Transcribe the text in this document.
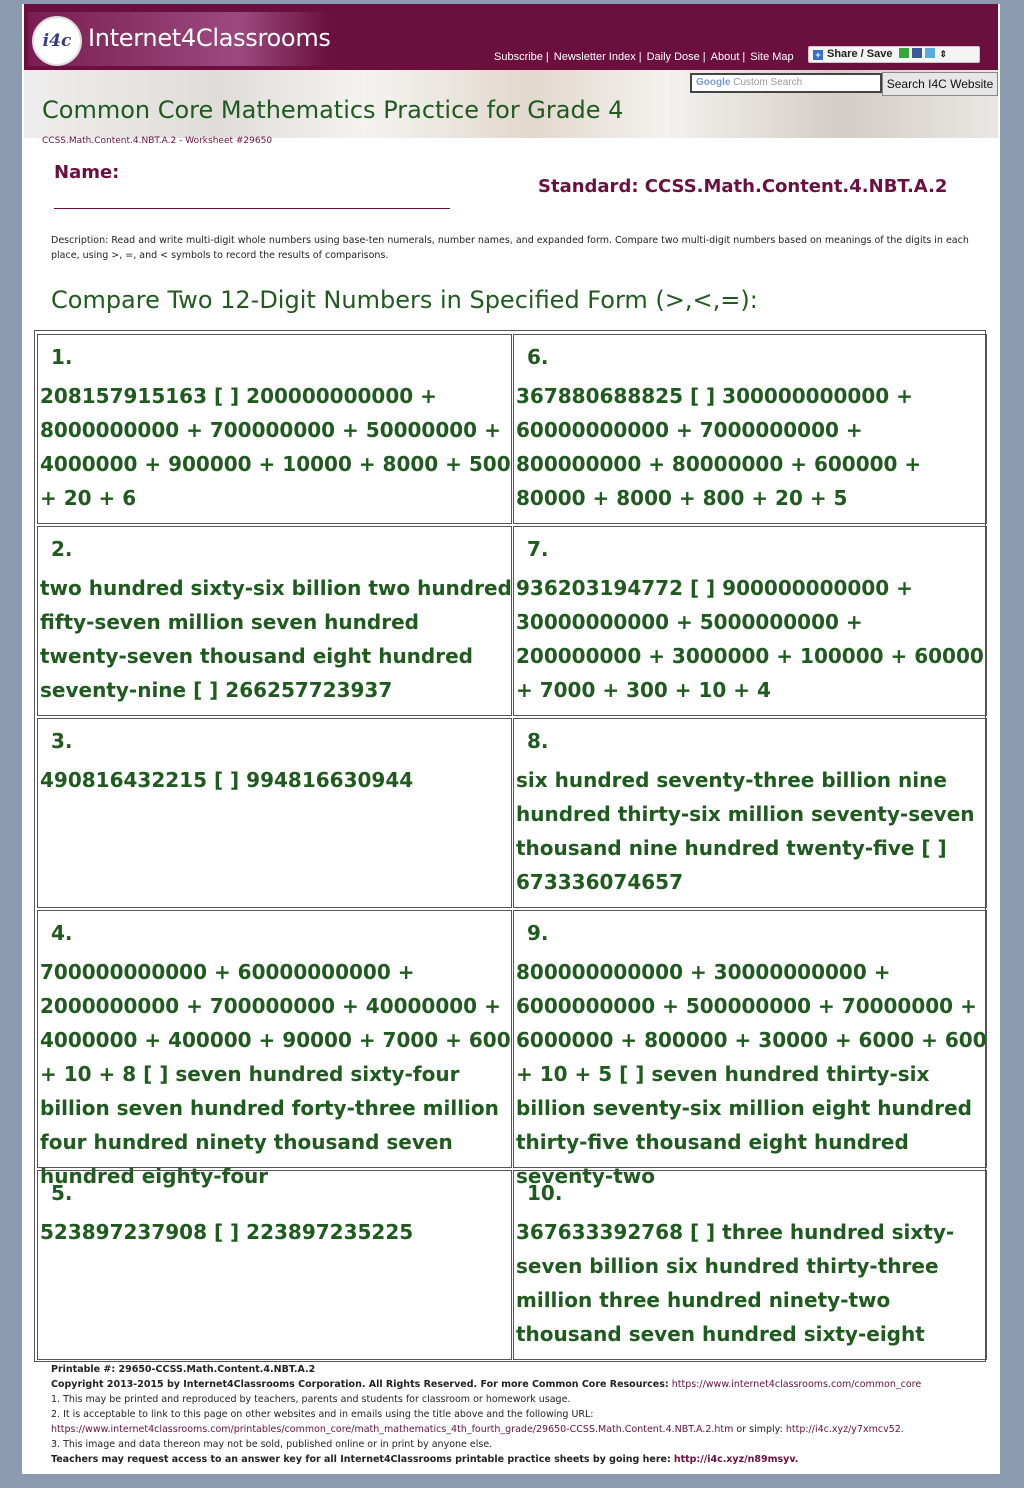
i4c Internet4Classrooms
Subscribe | Newsletter Index | Daily Dose | About | Site Map	+ Share / Save	⇕
Google Custom Search	Search I4C Website
Common Core Mathematics Practice for Grade 4
CCSS.Math.Content.4.NBT.A.2 - Worksheet #29650
Name:
Standard: CCSS.Math.Content.4.NBT.A.2
Description: Read and write multi-digit whole numbers using base-ten numerals, number names, and expanded form. Compare two multi-digit numbers based on meanings of the digits in each place, using >, =, and < symbols to record the results of comparisons.
Compare Two 12-Digit Numbers in Specified Form (>,<,=):
1.
208157915163 [ ] 200000000000 + 8000000000 + 700000000 + 50000000 + 4000000 + 900000 + 10000 + 8000 + 500 + 20 + 6
2.
two hundred sixty-six billion two hundred fifty-seven million seven hundred twenty-seven thousand eight hundred seventy-nine [ ] 266257723937
3.
490816432215 [ ] 994816630944
4.
700000000000 + 60000000000 + 2000000000 + 700000000 + 40000000 + 4000000 + 400000 + 90000 + 7000 + 600 + 10 + 8 [ ] seven hundred sixty-four billion seven hundred forty-three million four hundred ninety thousand seven hundred eighty-four
5.
523897237908 [ ] 223897235225
6.
367880688825 [ ] 300000000000 + 60000000000 + 7000000000 + 800000000 + 80000000 + 600000 + 80000 + 8000 + 800 + 20 + 5
7.
936203194772 [ ] 900000000000 + 30000000000 + 5000000000 + 200000000 + 3000000 + 100000 + 60000 + 7000 + 300 + 10 + 4
8.
six hundred seventy-three billion nine hundred thirty-six million seventy-seven thousand nine hundred twenty-five [ ] 673336074657
9.
800000000000 + 30000000000 + 6000000000 + 500000000 + 70000000 + 6000000 + 800000 + 30000 + 6000 + 600 + 10 + 5 [ ] seven hundred thirty-six billion seventy-six million eight hundred thirty-five thousand eight hundred seventy-two
10.
367633392768 [ ] three hundred sixty-seven billion six hundred thirty-three million three hundred ninety-two thousand seven hundred sixty-eight
Printable #: 29650-CCSS.Math.Content.4.NBT.A.2
Copyright 2013-2015 by Internet4Classrooms Corporation. All Rights Reserved. For more Common Core Resources: https://www.internet4classrooms.com/common_core
1. This may be printed and reproduced by teachers, parents and students for classroom or homework usage.
2. It is acceptable to link to this page on other websites and in emails using the title above and the following URL:
https://www.internet4classrooms.com/printables/common_core/math_mathematics_4th_fourth_grade/29650-CCSS.Math.Content.4.NBT.A.2.htm or simply: http://i4c.xyz/y7xmcv52.
3. This image and data thereon may not be sold, published online or in print by anyone else.
Teachers may request access to an answer key for all Internet4Classrooms printable practice sheets by going here: http://i4c.xyz/n89msyv.
